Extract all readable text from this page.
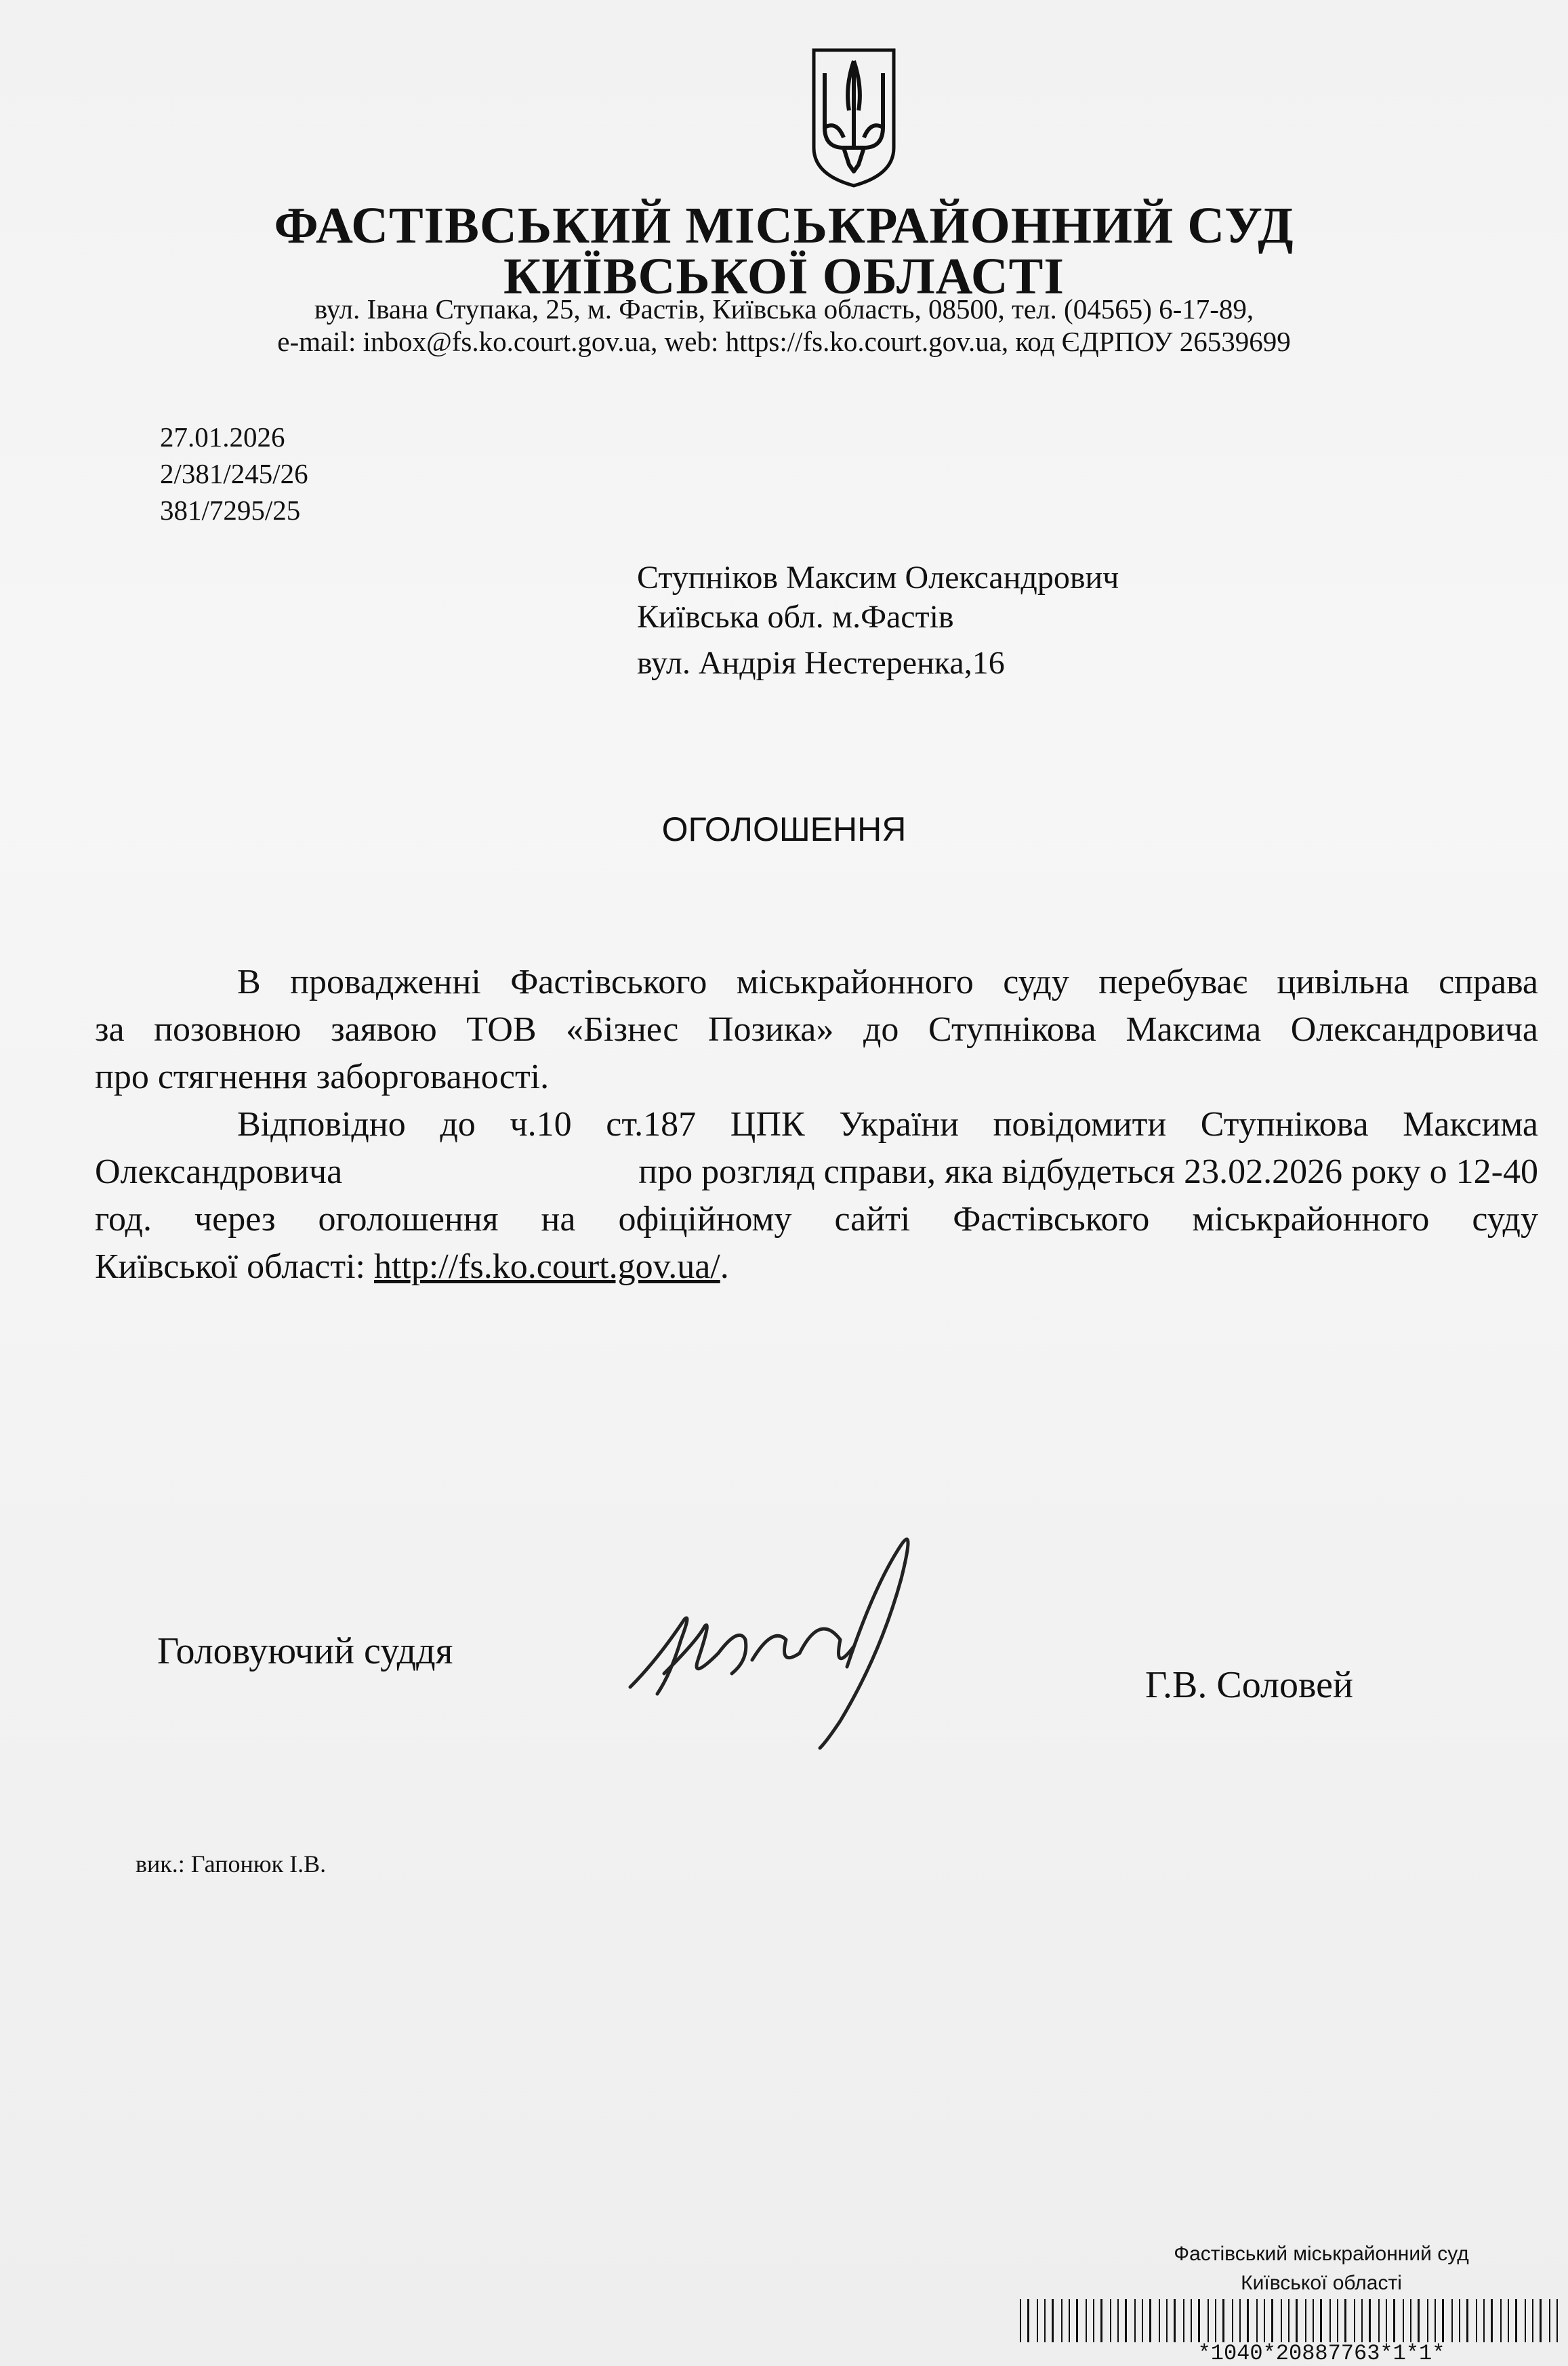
ФАСТІВСЬКИЙ МІСЬКРАЙОННИЙ СУД
КИЇВСЬКОЇ ОБЛАСТІ
вул. Івана Ступака, 25, м. Фастів, Київська область, 08500, тел. (04565) 6-17-89,
e-mail: inbox@fs.ko.court.gov.ua, web: https://fs.ko.court.gov.ua, код ЄДРПОУ 26539699
27.01.2026
2/381/245/26
381/7295/25
Ступніков Максим Олександрович
Київська обл. м.Фастів
вул. Андрія Нестеренка,16
ОГОЛОШЕННЯ
В провадженні Фастівського міськрайонного суду перебуває цивільна справа
за позовною заявою ТОВ «Бізнес Позика» до Ступнікова Максима Олександровича
про стягнення заборгованості.
Відповідно до ч.10 ст.187 ЦПК України повідомити Ступнікова Максима
Олександровича	про розгляд справи, яка відбудеться 23.02.2026 року о 12-40
год. через оголошення на офіційному сайті Фастівського міськрайонного суду
Київської області: http://fs.ko.court.gov.ua/.
Головуючий суддя
Г.В. Соловей
вик.: Гапонюк І.В.
Фастівський міськрайонний суд
Київської області
*1040*20887763*1*1*
